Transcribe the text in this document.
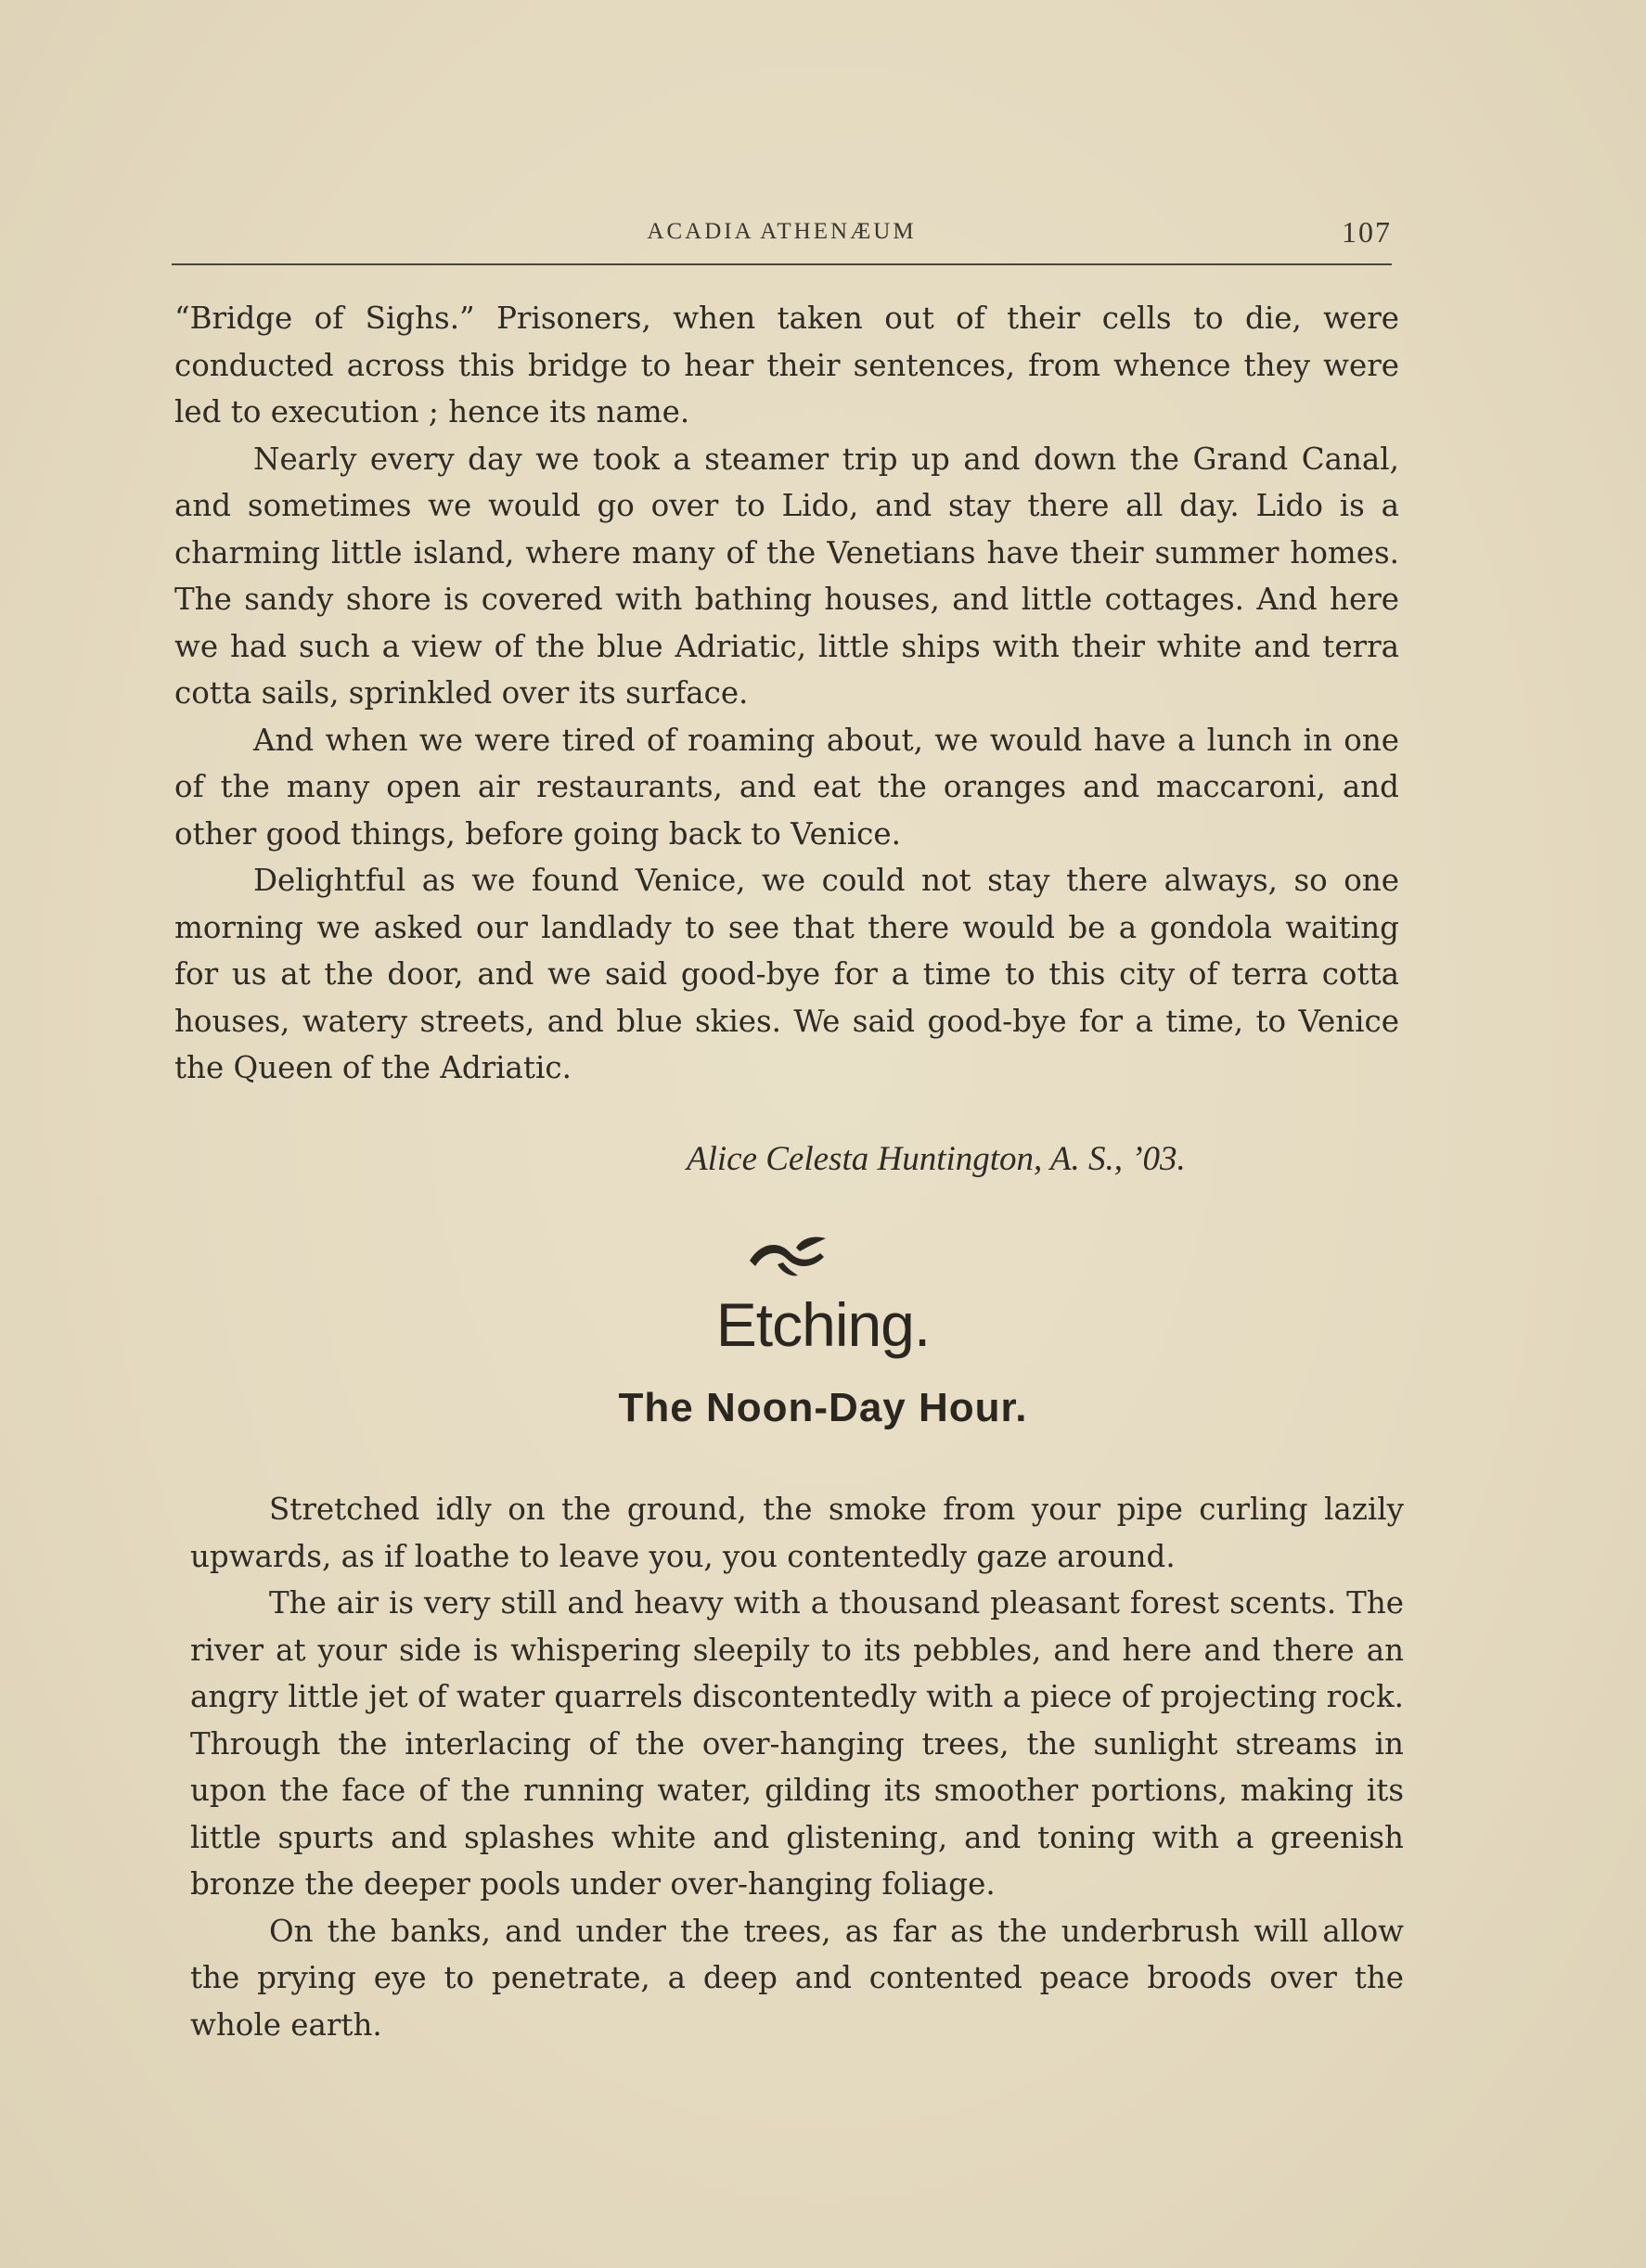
ACADIA ATHENÆUM	107

“Bridge of Sighs.” Prisoners, when taken out of their cells to die, were conducted across this bridge to hear their sentences, from whence they were led to execution ; hence its name.

Nearly every day we took a steamer trip up and down the Grand Canal, and sometimes we would go over to Lido, and stay there all day. Lido is a charming little island, where many of the Venetians have their summer homes. The sandy shore is covered with bathing houses, and little cottages. And here we had such a view of the blue Adriatic, little ships with their white and terra cotta sails, sprinkled over its surface.

And when we were tired of roaming about, we would have a lunch in one of the many open air restaurants, and eat the oranges and maccaroni, and other good things, before going back to Venice.

Delightful as we found Venice, we could not stay there always, so one morning we asked our landlady to see that there would be a gondola waiting for us at the door, and we said good-bye for a time to this city of terra cotta houses, watery streets, and blue skies. We said good-bye for a time, to Venice the Queen of the Adriatic.

Alice Celesta Huntington, A. S., ’03.
Etching.
The Noon-Day Hour.

Stretched idly on the ground, the smoke from your pipe curling lazily upwards, as if loathe to leave you, you contentedly gaze around.

The air is very still and heavy with a thousand pleasant forest scents. The river at your side is whispering sleepily to its pebbles, and here and there an angry little jet of water quarrels discontentedly with a piece of projecting rock. Through the interlacing of the over-hanging trees, the sunlight streams in upon the face of the running water, gilding its smoother portions, making its little spurts and splashes white and glistening, and toning with a greenish bronze the deeper pools under over-hanging foliage.

On the banks, and under the trees, as far as the underbrush will allow the prying eye to penetrate, a deep and contented peace broods over the whole earth.
